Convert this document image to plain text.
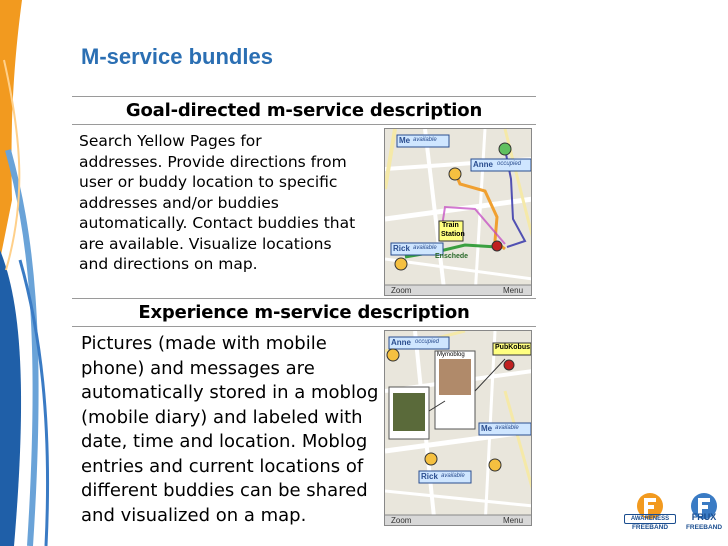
M-service bundles
Goal-directed m-service description
Search Yellow Pages for
addresses. Provide directions from
user or buddy location to specific
addresses and/or buddies
automatically. Contact buddies that
are available. Visualize locations
and directions on map.
Me available
Anne occupied
Train
Station
Rick available
Enschede
Zoom	Menu
Experience m-service description
Pictures (made with mobile
phone) and messages are
automatically stored in a moblog
(mobile diary) and labeled with
date, time and location. Moblog
entries and current locations of
different buddies can be shared
and visualized on a map.
Anne occupied
Mymoblog
PubKobus
Me available
Rick available
Zoom	Menu	AWARENESS	FRUX
FREEBAND	FREEBAND
